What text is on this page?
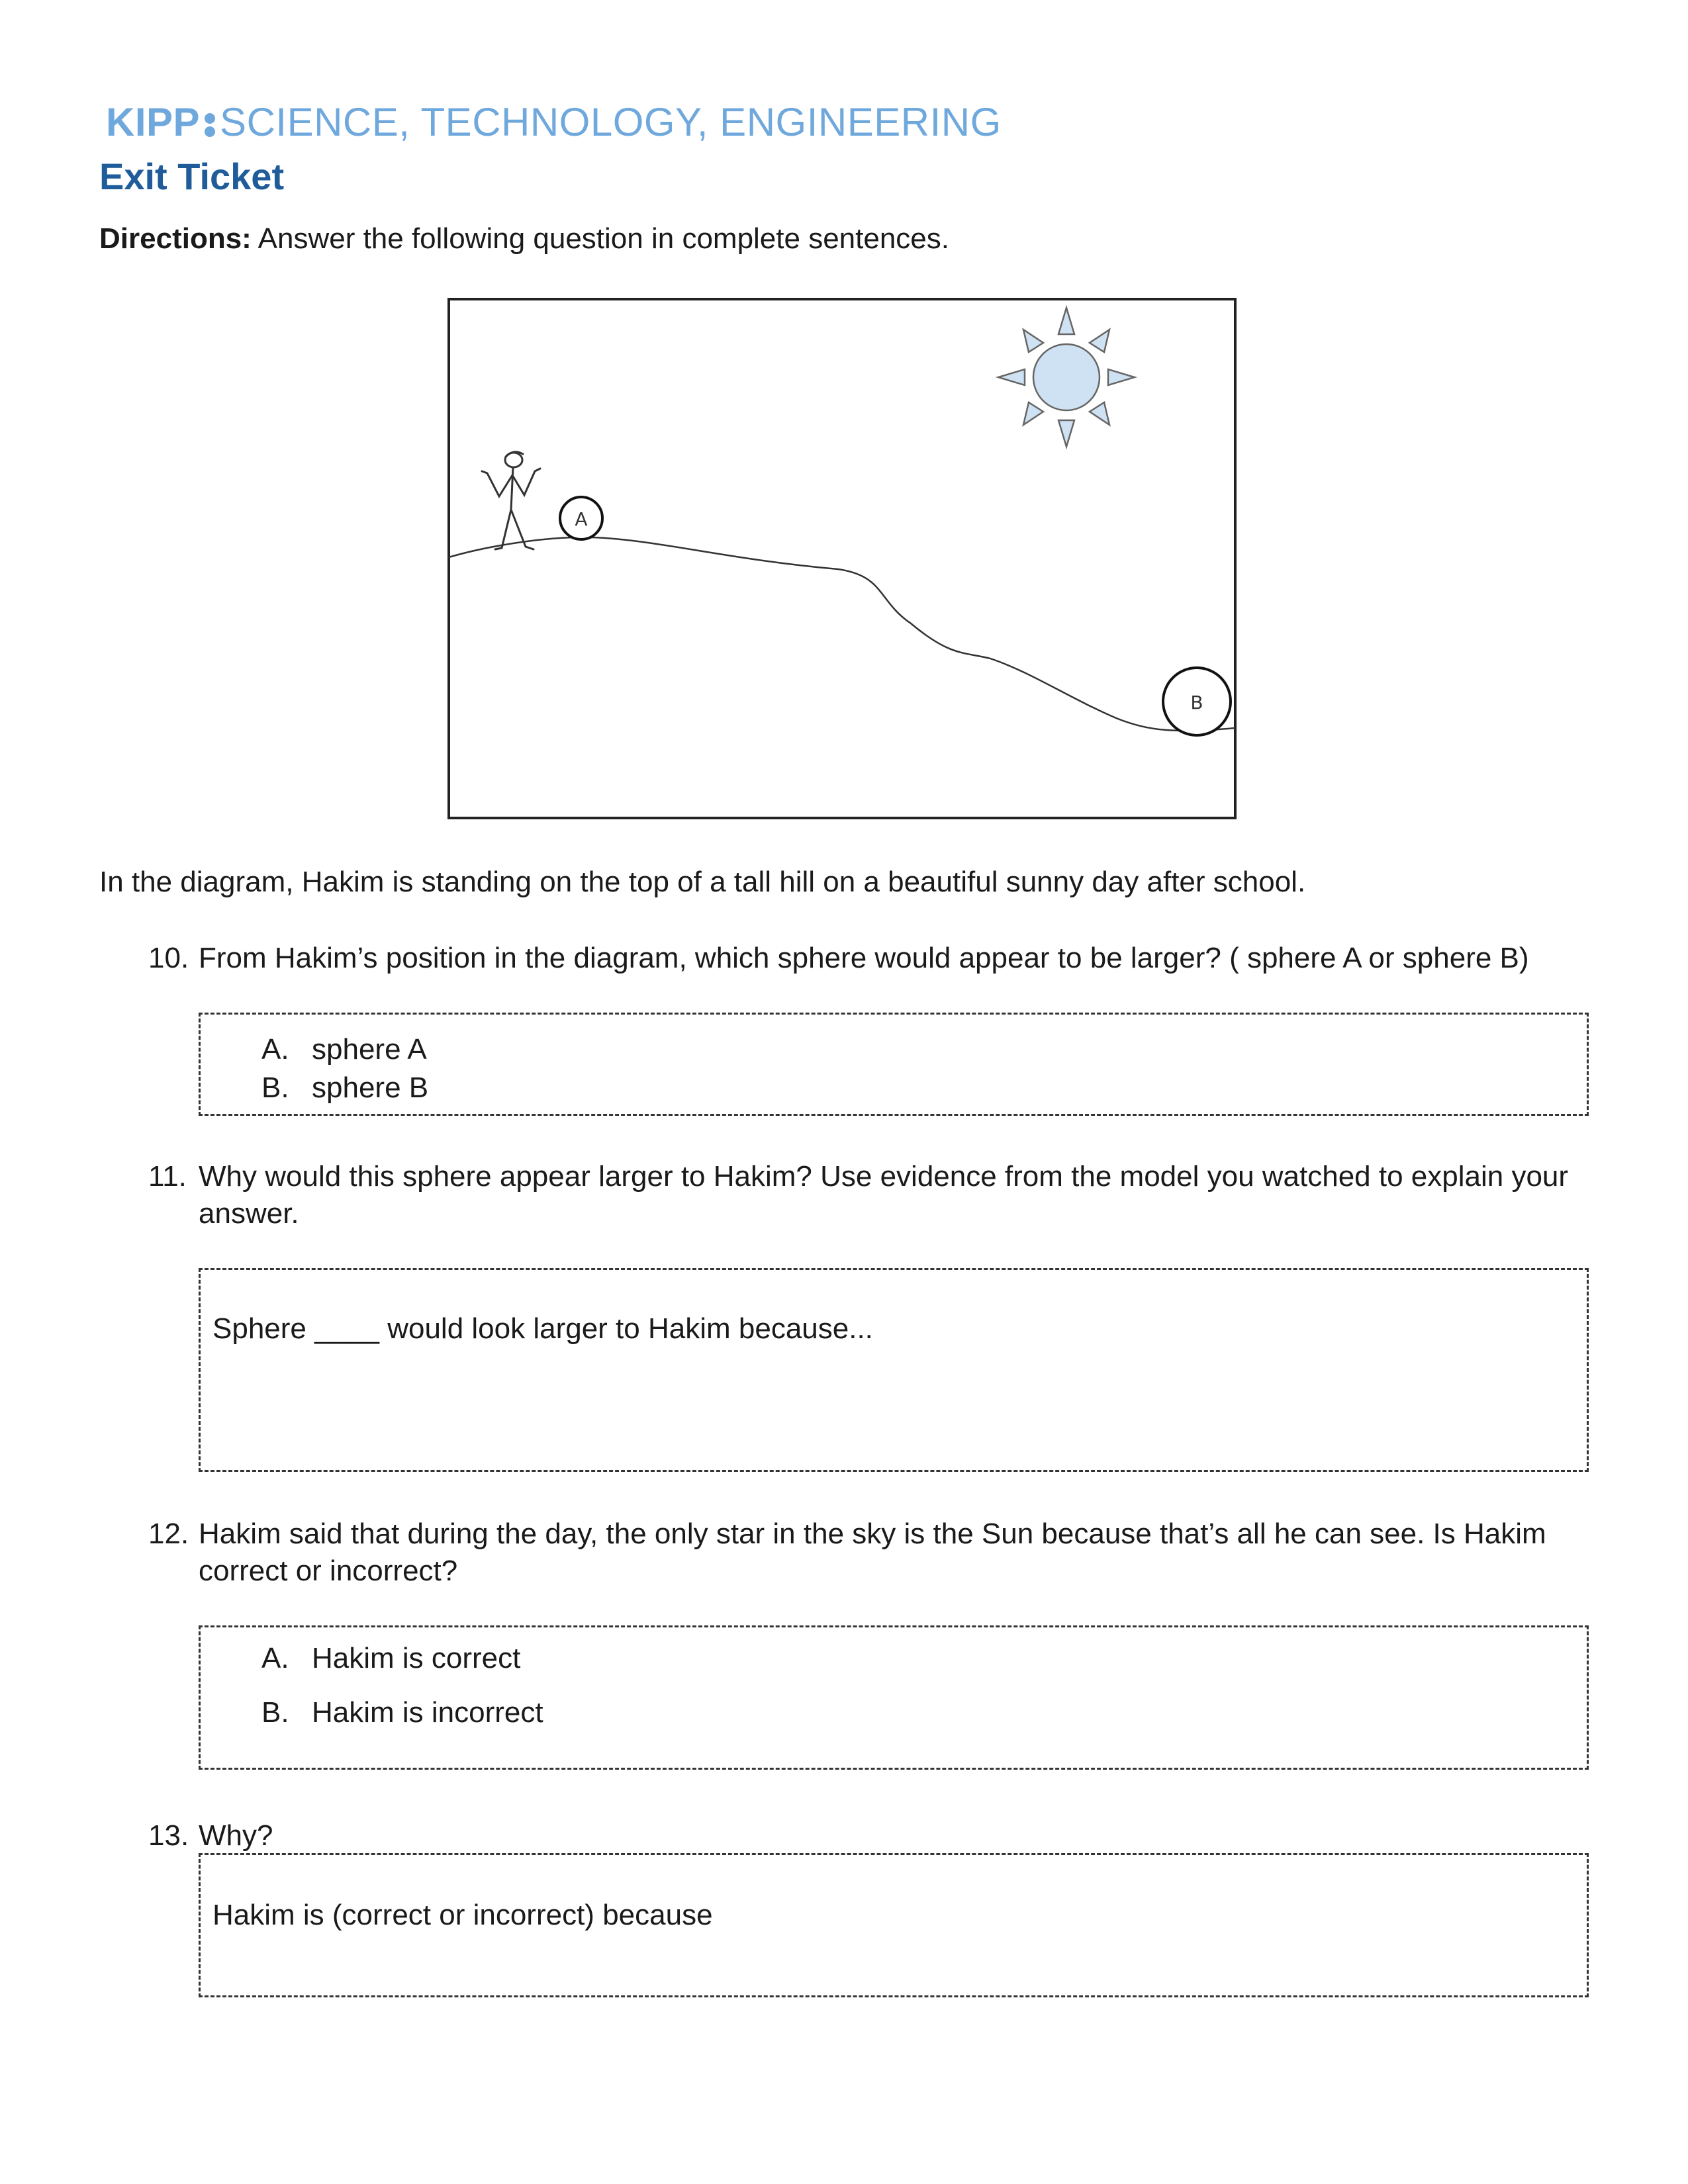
KIPP SCIENCE, TECHNOLOGY, ENGINEERING
Exit Ticket
Directions: Answer the following question in complete sentences.
A
B
In the diagram, Hakim is standing on the top of a tall hill on a beautiful sunny day after school.
10. From Hakim’s position in the diagram, which sphere would appear to be larger? ( sphere A or sphere B)
A. sphere A
B. sphere B
11. Why would this sphere appear larger to Hakim? Use evidence from the model you watched to explain your answer.
Sphere ____ would look larger to Hakim because...
12. Hakim said that during the day, the only star in the sky is the Sun because that’s all he can see. Is Hakim correct or incorrect?
A. Hakim is correct
B. Hakim is incorrect
13. Why?
Hakim is (correct or incorrect) because
